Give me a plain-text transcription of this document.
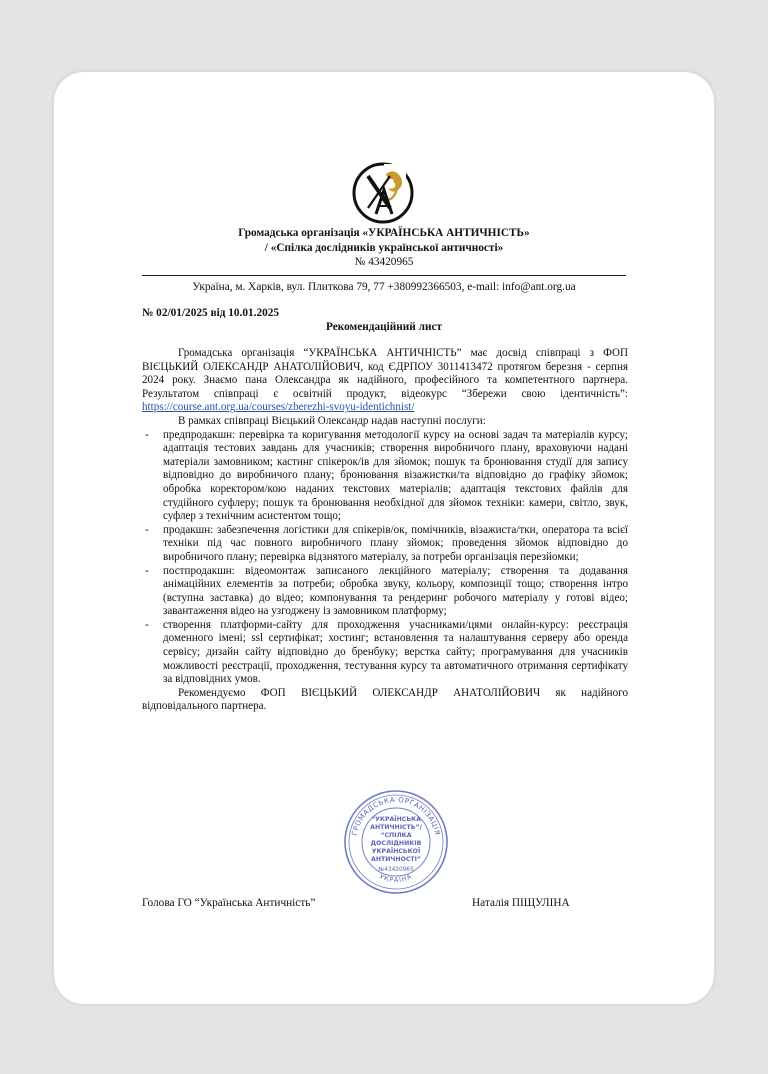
Громадська організація «УКРАЇНСЬКА АНТИЧНІСТЬ»
/ «Спілка дослідників української античності»
№ 43420965
Україна, м. Харків, вул. Плиткова 79, 77 +380992366503, e-mail: info@ant.org.ua
№ 02/01/2025 від 10.01.2025
Рекомендаційний лист

Громадська організація “УКРАЇНСЬКА АНТИЧНІСТЬ” має досвід співпраці з ФОП ВІЄЦЬКИЙ ОЛЕКСАНДР АНАТОЛІЙОВИЧ, код ЄДРПОУ 3011413472 протягом березня - серпня 2024 року. Знаємо пана Олександра як надійного, професійного та компетентного партнера. Результатом співпраці є освітній продукт, відеокурс “Збережи свою ідентичність”: https://course.ant.org.ua/courses/zberezhi-svoyu-identichnist/

В рамках співпраці Вієцький Олександр надав наступні послуги:

- предпродакшн: перевірка та коригування методології курсу на основі задач та матеріалів курсу; адаптація тестових завдань для учасників; створення виробничого плану, враховуючи надані матеріали замовником; кастинг спікерок/ів для зйомок; пошук та бронювання студії для запису відповідно до виробничого плану; бронювання візажистки/та відповідно до графіку зйомок; обробка коректором/кою наданих текстових матеріалів; адаптація текстових файлів для студійного суфлеру; пошук та бронювання необхідної для зйомок техніки: камери, світло, звук, суфлер з технічним асистентом тощо;
- продакшн: забезпечення логістики для спікерів/ок, помічників, візажиста/тки, оператора та всієї техніки під час повного виробничого плану зйомок; проведення зйомок відповідно до виробничого плану; перевірка відзнятого матеріалу, за потреби організація перезйомки;
- постпродакшн: відеомонтаж записаного лекційного матеріалу; створення та додавання анімаційних елементів за потреби; обробка звуку, кольору, композиції тощо; створення інтро (вступна заставка) до відео; компонування та рендеринг робочого матеріалу у готові відео; завантаження відео на узгоджену із замовником платформу;
- створення платформи-сайту для проходження учасниками/цями онлайн-курсу: реєстрація доменного імені; ssl сертифікат; хостинг; встановлення та налаштування серверу або оренда сервісу; дизайн сайту відповідно до бренбуку; верстка сайту; програмування для учасників можливості реєстрації, проходження, тестування курсу та автоматичного отримання сертифікату за відповідних умов.

Рекомендуємо ФОП ВІЄЦЬКИЙ ОЛЕКСАНДР АНАТОЛІЙОВИЧ як надійного відповідального партнера.

ГРОМАДСЬКА ОРГАНІЗАЦІЯ
УКРАЇНА
“УКРАЇНСЬКА
АНТИЧНІСТЬ”/
“СПІЛКА
ДОСЛІДНИКІВ
УКРАЇНСЬКОЇ
АНТИЧНОСТІ”
№43420965
Голова ГО “Українська Античність”	Наталія ПІЩУЛІНА
